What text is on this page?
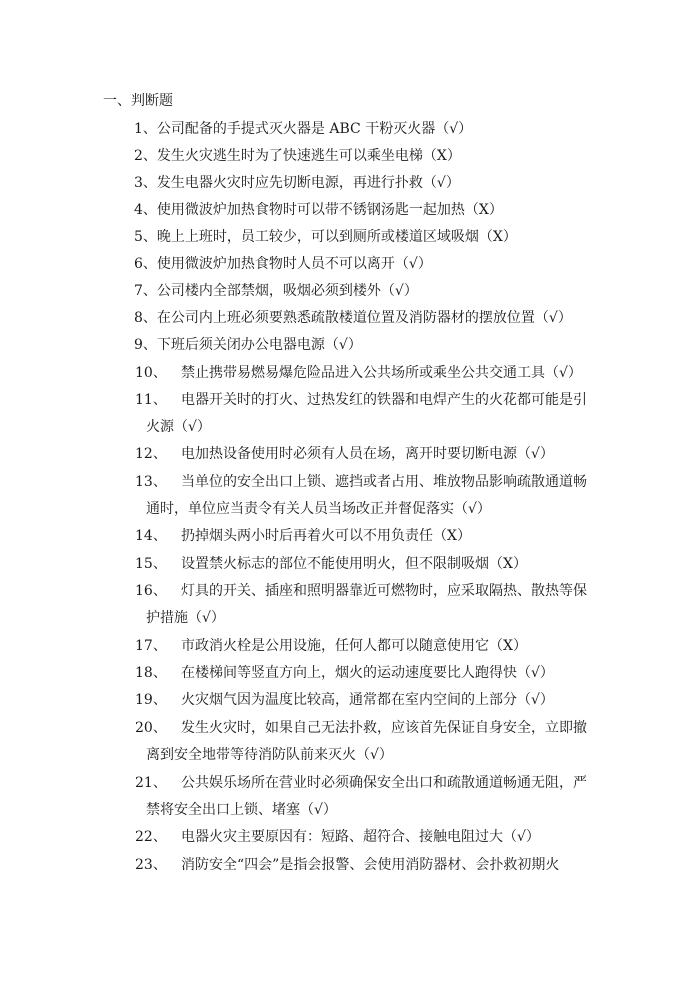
一、判断题
1、公司配备的手提式灭火器是 ABC 干粉灭火器（√）
2、发生火灾逃生时为了快速逃生可以乘坐电梯（X）
3、发生电器火灾时应先切断电源，再进行扑救（√）
4、使用微波炉加热食物时可以带不锈钢汤匙一起加热（X）
5、晚上上班时，员工较少，可以到厕所或楼道区域吸烟（X）
6、使用微波炉加热食物时人员不可以离开（√）
7、公司楼内全部禁烟，吸烟必须到楼外（√）
8、在公司内上班必须要熟悉疏散楼道位置及消防器材的摆放位置（√）
9、下班后须关闭办公电器电源（√）
10、 禁止携带易燃易爆危险品进入公共场所或乘坐公共交通工具（√）
11、 电器开关时的打火、过热发红的铁器和电焊产生的火花都可能是引
火源（√）
12、 电加热设备使用时必须有人员在场，离开时要切断电源（√）
13、 当单位的安全出口上锁、遮挡或者占用、堆放物品影响疏散通道畅
通时，单位应当责令有关人员当场改正并督促落实（√）
14、 扔掉烟头两小时后再着火可以不用负责任（X）
15、 设置禁火标志的部位不能使用明火，但不限制吸烟（X）
16、 灯具的开关、插座和照明器靠近可燃物时，应采取隔热、散热等保
护措施（√）
17、 市政消火栓是公用设施，任何人都可以随意使用它（X）
18、 在楼梯间等竖直方向上，烟火的运动速度要比人跑得快（√）
19、 火灾烟气因为温度比较高，通常都在室内空间的上部分（√）
20、 发生火灾时，如果自己无法扑救，应该首先保证自身安全，立即撤
离到安全地带等待消防队前来灭火（√）
21、 公共娱乐场所在营业时必须确保安全出口和疏散通道畅通无阻，严
禁将安全出口上锁、堵塞（√）
22、 电器火灾主要原因有：短路、超符合、接触电阻过大（√）
23、 消防安全“四会”是指会报警、会使用消防器材、会扑救初期火
